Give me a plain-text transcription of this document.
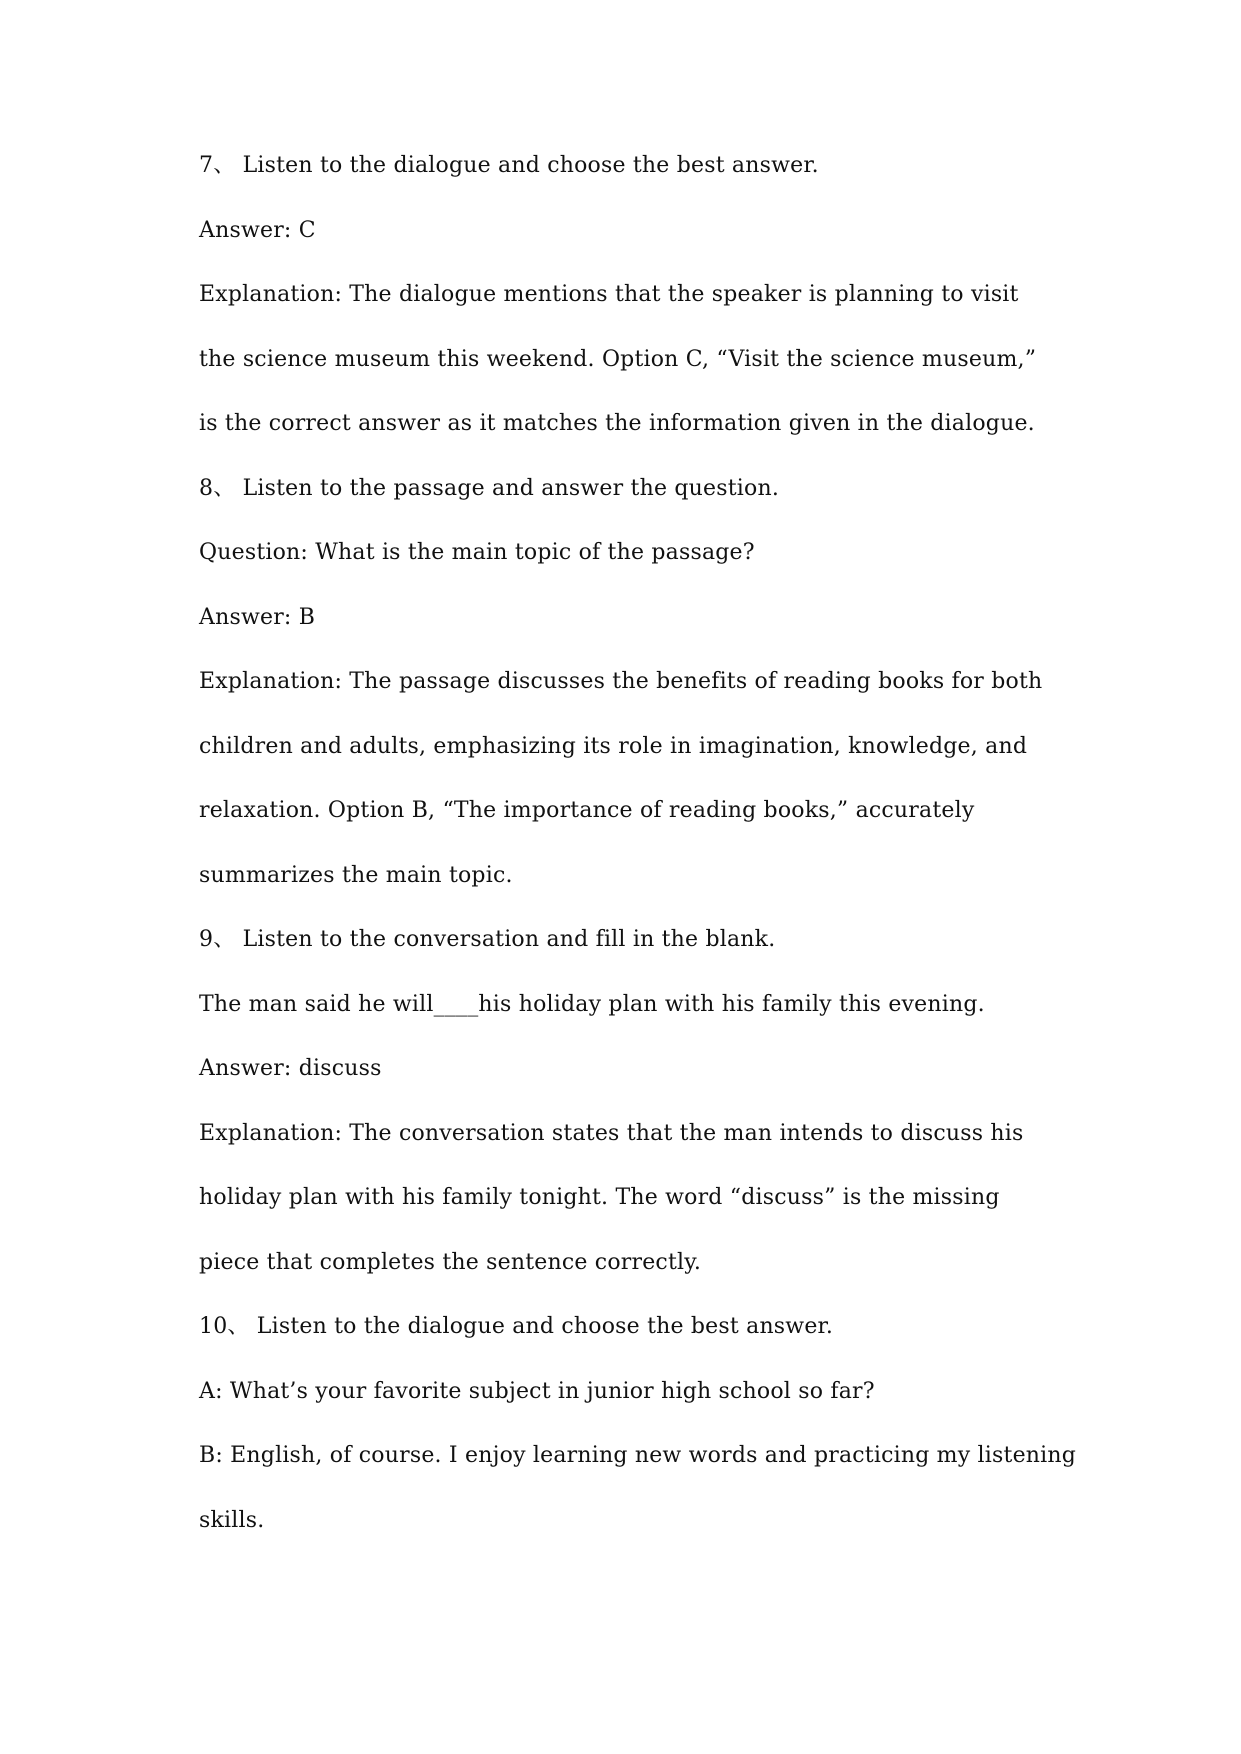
7、 Listen to the dialogue and choose the best answer.
Answer: C
Explanation: The dialogue mentions that the speaker is planning to visit
the science museum this weekend. Option C, “Visit the science museum,”
is the correct answer as it matches the information given in the dialogue.
8、 Listen to the passage and answer the question.
Question: What is the main topic of the passage?
Answer: B
Explanation: The passage discusses the benefits of reading books for both
children and adults, emphasizing its role in imagination, knowledge, and
relaxation. Option B, “The importance of reading books,” accurately
summarizes the main topic.
9、 Listen to the conversation and fill in the blank.
The man said he will____his holiday plan with his family this evening.
Answer: discuss
Explanation: The conversation states that the man intends to discuss his
holiday plan with his family tonight. The word “discuss” is the missing
piece that completes the sentence correctly.
10、 Listen to the dialogue and choose the best answer.
A: What’s your favorite subject in junior high school so far?
B: English, of course. I enjoy learning new words and practicing my listening
skills.
